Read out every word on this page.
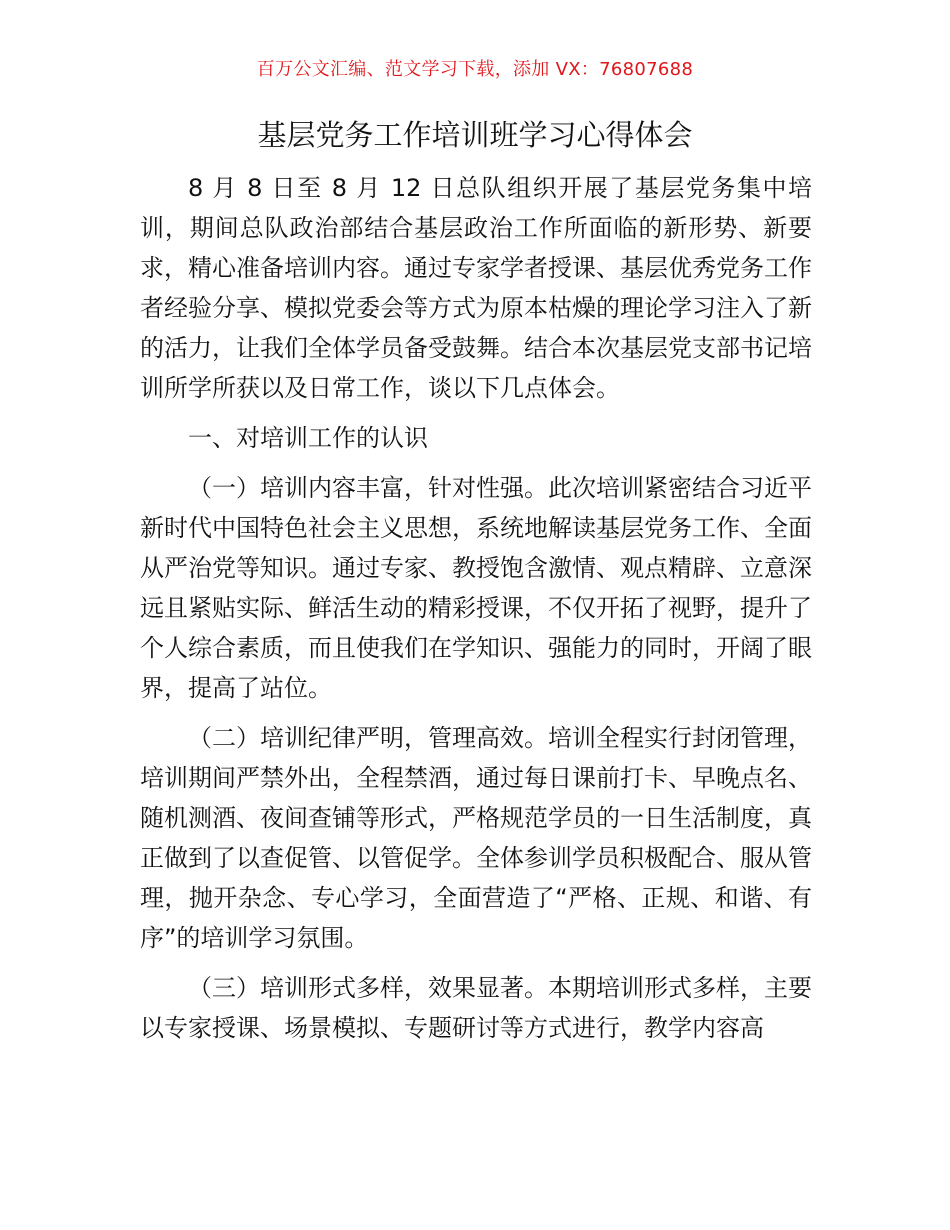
百万公文汇编、范文学习下载，添加 VX：76807688
基层党务工作培训班学习心得体会

8 月 8 日至 8 月 12 日总队组织开展了基层党务集中培训，期间总队政治部结合基层政治工作所面临的新形势、新要求，精心准备培训内容。通过专家学者授课、基层优秀党务工作者经验分享、模拟党委会等方式为原本枯燥的理论学习注入了新的活力，让我们全体学员备受鼓舞。结合本次基层党支部书记培训所学所获以及日常工作，谈以下几点体会。

一、对培训工作的认识

（一）培训内容丰富，针对性强。此次培训紧密结合习近平新时代中国特色社会主义思想，系统地解读基层党务工作、全面从严治党等知识。通过专家、教授饱含激情、观点精辟、立意深远且紧贴实际、鲜活生动的精彩授课，不仅开拓了视野，提升了个人综合素质，而且使我们在学知识、强能力的同时，开阔了眼界，提高了站位。

（二）培训纪律严明，管理高效。培训全程实行封闭管理，培训期间严禁外出，全程禁酒，通过每日课前打卡、早晚点名、随机测酒、夜间查铺等形式，严格规范学员的一日生活制度，真正做到了以查促管、以管促学。全体参训学员积极配合、服从管理，抛开杂念、专心学习，全面营造了“严格、正规、和谐、有序”的培训学习氛围。

（三）培训形式多样，效果显著。本期培训形式多样，主要以专家授课、场景模拟、专题研讨等方式进行，教学内容高
